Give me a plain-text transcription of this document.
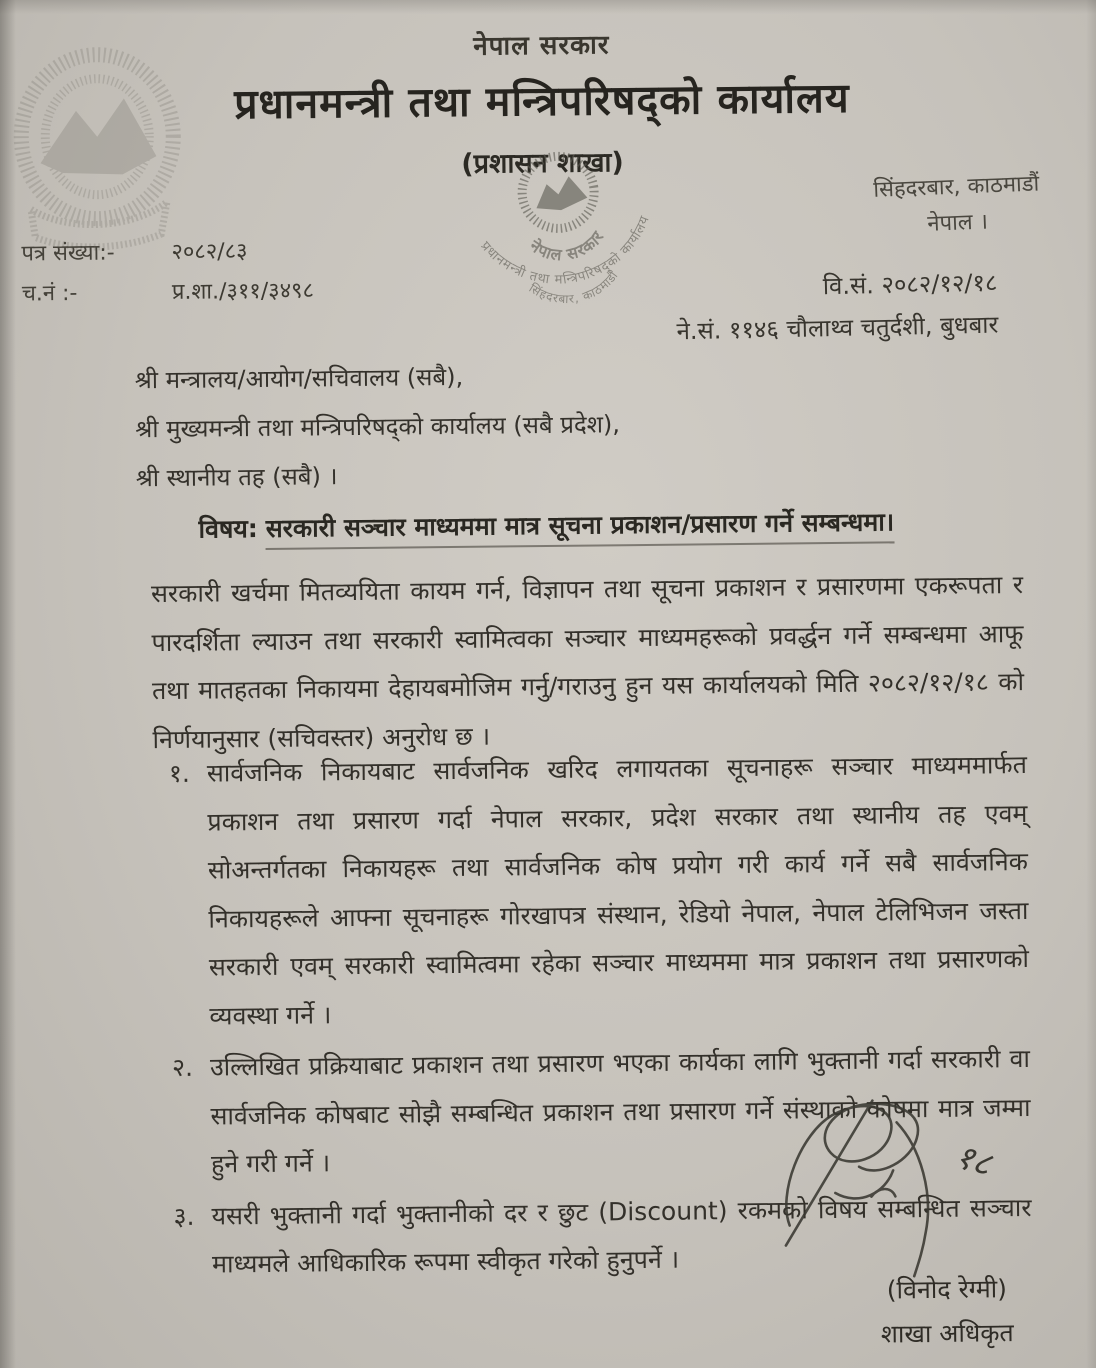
नेपाल सरकार
प्रधानमन्त्री तथा मन्त्रिपरिषद्को कार्यालय
(प्रशासन शाखा)
नेपाल सरकार
प्रधानमन्त्री तथा मन्त्रिपरिषद्को कार्यालय
सिंहदरबार, काठमाडौं
सिंहदरबार, काठमाडौं
नेपाल ।
पत्र संख्या:-	२०८२/८३
च.नं :-	प्र.शा./३११/३४९८	वि.सं. २०८२/१२/१८
ने.सं. ११४६ चौलाथ्व चतुर्दशी, बुधबार
श्री मन्त्रालय/आयोग/सचिवालय (सबै),
श्री मुख्यमन्त्री तथा मन्त्रिपरिषद्को कार्यालय (सबै प्रदेश),
श्री स्थानीय तह (सबै) ।
विषय: सरकारी सञ्चार माध्यममा मात्र सूचना प्रकाशन/प्रसारण गर्ने सम्बन्धमा।
सरकारी खर्चमा मितव्ययिता कायम गर्न, विज्ञापन तथा सूचना प्रकाशन र प्रसारणमा एकरूपता र पारदर्शिता ल्याउन तथा सरकारी स्वामित्वका सञ्चार माध्यमहरूको प्रवर्द्धन गर्ने सम्बन्धमा आफू तथा मातहतका निकायमा देहायबमोजिम गर्नु/गराउनु हुन यस कार्यालयको मिति २०८२/१२/१८ को निर्णयानुसार (सचिवस्तर) अनुरोध छ ।
१. सार्वजनिक निकायबाट सार्वजनिक खरिद लगायतका सूचनाहरू सञ्चार माध्यममार्फत प्रकाशन तथा प्रसारण गर्दा नेपाल सरकार, प्रदेश सरकार तथा स्थानीय तह एवम् सोअन्तर्गतका निकायहरू तथा सार्वजनिक कोष प्रयोग गरी कार्य गर्ने सबै सार्वजनिक निकायहरूले आफ्ना सूचनाहरू गोरखापत्र संस्थान, रेडियो नेपाल, नेपाल टेलिभिजन जस्ता सरकारी एवम् सरकारी स्वामित्वमा रहेका सञ्चार माध्यममा मात्र प्रकाशन तथा प्रसारणको व्यवस्था गर्ने ।
२. उल्लिखित प्रक्रियाबाट प्रकाशन तथा प्रसारण भएका कार्यका लागि भुक्तानी गर्दा सरकारी वा सार्वजनिक कोषबाट सोझै सम्बन्धित प्रकाशन तथा प्रसारण गर्ने संस्थाको कोषमा मात्र जम्मा हुने गरी गर्ने ।
३. यसरी भुक्तानी गर्दा भुक्तानीको दर र छुट (Discount) रकमको विषय सम्बन्धित सञ्चार माध्यमले आधिकारिक रूपमा स्वीकृत गरेको हुनुपर्ने ।
१८
(विनोद रेग्मी)
शाखा अधिकृत
